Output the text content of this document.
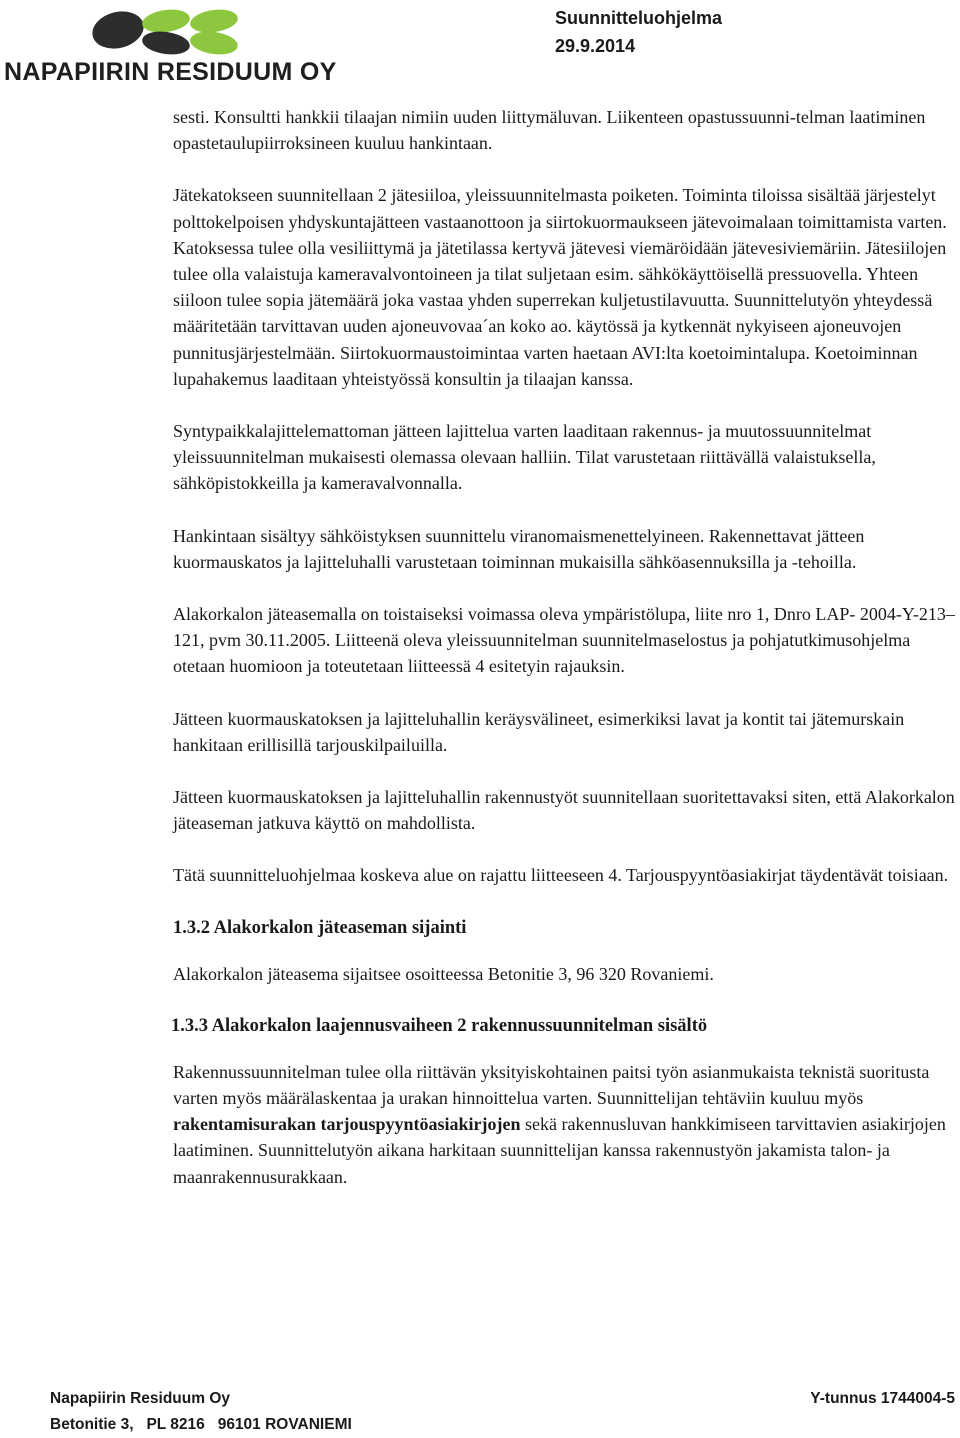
NAPAPIIRIN RESIDUUM OY

Suunnitteluohjelma
29.9.2014

sesti. Konsultti hankkii tilaajan nimiin uuden liittymäluvan. Liikenteen opastussuunni-telman laatiminen opastetaulupiirroksineen kuuluu hankintaan.

Jätekatokseen suunnitellaan 2 jätesiiloa, yleissuunnitelmasta poiketen. Toiminta tiloissa sisältää järjestelyt polttokelpoisen yhdyskuntajätteen vastaanottoon ja siirtokuormaukseen jätevoimalaan toimittamista varten. Katoksessa tulee olla vesiliittymä ja jätetilassa kertyvä jätevesi viemäröidään jätevesiviemäriin. Jätesiilojen tulee olla valaistuja kameravalvontoineen ja tilat suljetaan esim. sähkökäyttöisellä pressuovella. Yhteen siiloon tulee sopia jätemäärä joka vastaa yhden superrekan kuljetustilavuutta. Suunnittelutyön yhteydessä määritetään tarvittavan uuden ajoneuvovaa´an koko ao. käytössä ja kytkennät nykyiseen ajoneuvojen punnitusjärjestelmään. Siirtokuormaustoimintaa varten haetaan AVI:lta koetoimintalupa. Koetoiminnan lupahakemus laaditaan yhteistyössä konsultin ja tilaajan kanssa.

Syntypaikkalajittelemattoman jätteen lajittelua varten laaditaan rakennus- ja muutossuunnitelmat yleissuunnitelman mukaisesti olemassa olevaan halliin. Tilat varustetaan riittävällä valaistuksella, sähköpistokkeilla ja kameravalvonnalla.

Hankintaan sisältyy sähköistyksen suunnittelu viranomaismenettelyineen. Rakennettavat jätteen kuormauskatos ja lajitteluhalli varustetaan toiminnan mukaisilla sähköasennuksilla ja -tehoilla.

Alakorkalon jäteasemalla on toistaiseksi voimassa oleva ympäristölupa, liite nro 1, Dnro LAP- 2004-Y-213–121, pvm 30.11.2005. Liitteenä oleva yleissuunnitelman suunnitelmaselostus ja pohjatutkimusohjelma otetaan huomioon ja toteutetaan liitteessä 4 esitetyin rajauksin.

Jätteen kuormauskatoksen ja lajitteluhallin keräysvälineet, esimerkiksi lavat ja kontit tai jätemurskain hankitaan erillisillä tarjouskilpailuilla.

Jätteen kuormauskatoksen ja lajitteluhallin rakennustyöt suunnitellaan suoritettavaksi siten, että Alakorkalon jäteaseman jatkuva käyttö on mahdollista.

Tätä suunnitteluohjelmaa koskeva alue on rajattu liitteeseen 4. Tarjouspyyntöasiakirjat täydentävät toisiaan.

1.3.2 Alakorkalon jäteaseman sijainti

Alakorkalon jäteasema sijaitsee osoitteessa Betonitie 3, 96 320 Rovaniemi.

1.3.3 Alakorkalon laajennusvaiheen 2 rakennussuunnitelman sisältö

Rakennussuunnitelman tulee olla riittävän yksityiskohtainen paitsi työn asianmukaista teknistä suoritusta varten myös määrälaskentaa ja urakan hinnoittelua varten. Suunnittelijan tehtäviin kuuluu myös rakentamisurakan tarjouspyyntöasiakirjojen sekä rakennusluvan hankkimiseen tarvittavien asiakirjojen laatiminen. Suunnittelutyön aikana harkitaan suunnittelijan kanssa rakennustyön jakamista talon- ja maanrakennusurakkaan.

Napapiirin Residuum Oy
Betonitie 3,   PL 8216   96101 ROVANIEMI
Y-tunnus 1744004-5
